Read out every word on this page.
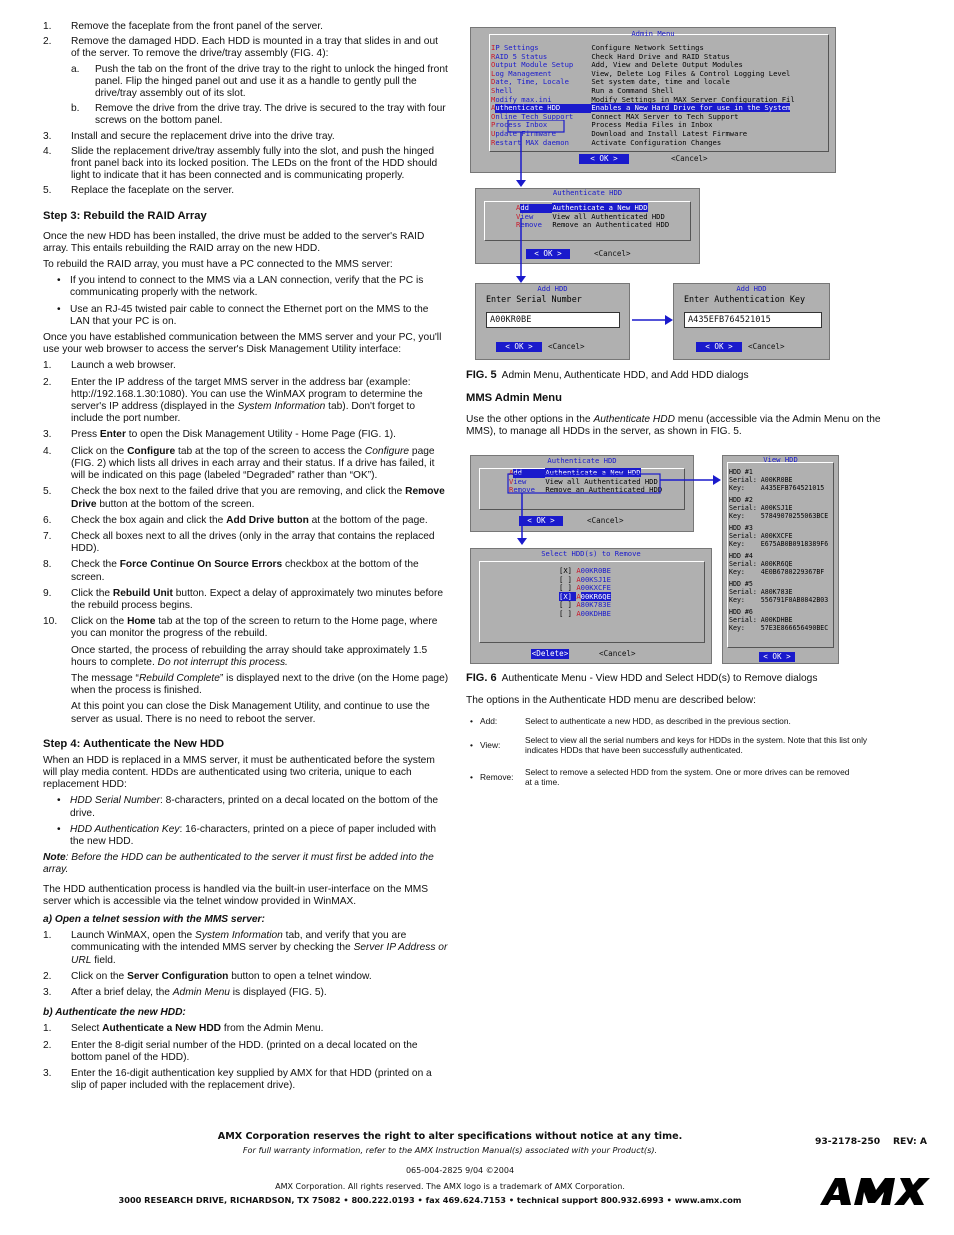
1. Remove the faceplate from the front panel of the server.
2. Remove the damaged HDD. Each HDD is mounted in a tray that slides in and out of the server. To remove the drive/tray assembly (FIG. 4):
a. Push the tab on the front of the drive tray to the right to unlock the hinged front panel. Flip the hinged panel out and use it as a handle to gently pull the drive/tray assembly out of its slot.
b. Remove the drive from the drive tray. The drive is secured to the tray with four screws on the bottom panel.
3. Install and secure the replacement drive into the drive tray.
4. Slide the replacement drive/tray assembly fully into the slot, and push the hinged front panel back into its locked position. The LEDs on the front of the HDD should light to indicate that it has been connected and is communicating properly.
5. Replace the faceplate on the server.
Step 3: Rebuild the RAID Array

Once the new HDD has been installed, the drive must be added to the server's RAID array. This entails rebuilding the RAID array on the new HDD.

To rebuild the RAID array, you must have a PC connected to the MMS server:

• If you intend to connect to the MMS via a LAN connection, verify that the PC is communicating properly with the network.
• Use an RJ-45 twisted pair cable to connect the Ethernet port on the MMS to the LAN that your PC is on.

Once you have established communication between the MMS server and your PC, you'll use your web browser to access the server's Disk Management Utility interface:

1. Launch a web browser.
2. Enter the IP address of the target MMS server in the address bar (example: http://192.168.1.30:1080). You can use the WinMAX program to determine the server's IP address (displayed in the System Information tab). Don't forget to include the port number.
3. Press Enter to open the Disk Management Utility - Home Page (FIG. 1).
4. Click on the Configure tab at the top of the screen to access the Configure page (FIG. 2) which lists all drives in each array and their status. If a drive has failed, it will be indicated on this page (labeled “Degraded” rather than “OK”).
5. Check the box next to the failed drive that you are removing, and click the Remove Drive button at the bottom of the screen.
6. Check the box again and click the Add Drive button at the bottom of the page.
7. Check all boxes next to all the drives (only in the array that contains the replaced HDD).
8. Check the Force Continue On Source Errors checkbox at the bottom of the screen.
9. Click the Rebuild Unit button. Expect a delay of approximately two minutes before the rebuild process begins.
10. Click on the Home tab at the top of the screen to return to the Home page, where you can monitor the progress of the rebuild.

Once started, the process of rebuilding the array should take approximately 1.5 hours to complete. Do not interrupt this process.

The message “Rebuild Complete” is displayed next to the drive (on the Home page) when the process is finished.

At this point you can close the Disk Management Utility, and continue to use the server as usual. There is no need to reboot the server.

Step 4: Authenticate the New HDD

When an HDD is replaced in a MMS server, it must be authenticated before the system will play media content. HDDs are authenticated using two criteria, unique to each replacement HDD:

• HDD Serial Number: 8-characters, printed on a decal located on the bottom of the drive.
• HDD Authentication Key: 16-characters, printed on a piece of paper included with the new HDD.

Note: Before the HDD can be authenticated to the server it must first be added into the array.

The HDD authentication process is handled via the built-in user-interface on the MMS server which is accessible via the telnet window provided in WinMAX.

a) Open a telnet session with the MMS server:

1. Launch WinMAX, open the System Information tab, and verify that you are communicating with the intended MMS server by checking the Server IP Address or URL field.
2. Click on the Server Configuration button to open a telnet window.
3. After a brief delay, the Admin Menu is displayed (FIG. 5).

b) Authenticate the new HDD:

1. Select Authenticate a New HDD from the Admin Menu.
2. Enter the 8-digit serial number of the HDD. (printed on a decal located on the bottom panel of the HDD).
3. Enter the 16-digit authentication key supplied by AMX for that HDD (printed on a slip of paper included with the replacement drive).
Admin Menu
IP Settings	Configure Network Settings
RAID 5 Status	Check Hard Drive and RAID Status
Output Module Setup	Add, View and Delete Output Modules
Log Management	View, Delete Log Files & Control Logging Level
Date, Time, Locale	Set system date, time and locale
Shell	Run a Command Shell
Modify max.ini	Modify Settings in MAX Server Configuration Fil
Authenticate HDD	Enables a New Hard Drive for use in the System
Online Tech Support	Connect MAX Server to Tech Support
Process Inbox	Process Media Files in Inbox
Update Firmware	Download and Install Latest Firmware
Restart MAX daemon	Activate Configuration Changes
< OK >	<Cancel>
Authenticate HDD
Add	Authenticate a New HDD
View	View all Authenticated HDD
Remove Remove an Authenticated HDD
< OK >	<Cancel>
Add HDD
Enter Serial Number
A00KR0BE
< OK >	<Cancel>
Add HDD
Enter Authentication Key
A435EFB764521015
< OK >	<Cancel>
FIG. 5 Admin Menu, Authenticate HDD, and Add HDD dialogs
MMS Admin Menu

Use the other options in the Authenticate HDD menu (accessible via the Admin Menu on the MMS), to manage all HDDs in the server, as shown in FIG. 5.

Authenticate HDD
Add	Authenticate a New HDD
View	View all Authenticated HDD
Remove Remove an Authenticated HDD
< OK >	<Cancel>
View HDD
HDD #1
Serial: A00KR0BE
Key:    A435EFB764521015
HDD #2
Serial: A00KSJ1E
Key:    57849070255063BCE
HDD #3
Serial: A00KXCFE
Key:    E675AB0B0918389F6
HDD #4
Serial: A00KR6QE
Key:    4E0B6780229367BF
HDD #5
Serial: A80K783E
Key:    556791F0AB0842B03
HDD #6
Serial: A00KDHBE
Key:    57E3E866656490BEC
< OK >
Select HDD(s) to Remove
[X] A00KR0BE
[ ] A00KSJ1E
[ ] A00KXCFE
[X] A00KR6QE
[ ] A80K783E
[ ] A00KDHBE
<Delete>	<Cancel>
FIG. 6 Authenticate Menu - View HDD and Select HDD(s) to Remove dialogs

The options in the Authenticate HDD menu are described below:

• Add:	Select to authenticate a new HDD, as described in the previous section.
• View:	Select to view all the serial numbers and keys for HDDs in the system. Note that this list only indicates HDDs that have been successfully authenticated.
• Remove: Select to remove a selected HDD from the system. One or more drives can be removed at a time.
AMX Corporation reserves the right to alter specifications without notice at any time.
For full warranty information, refer to the AMX Instruction Manual(s) associated with your Product(s).
93-2178-250 REV: A
065-004-2825 9/04 ©2004
AMX Corporation. All rights reserved. The AMX logo is a trademark of AMX Corporation.
3000 RESEARCH DRIVE, RICHARDSON, TX 75082 • 800.222.0193 • fax 469.624.7153 • technical support 800.932.6993 • www.amx.com
